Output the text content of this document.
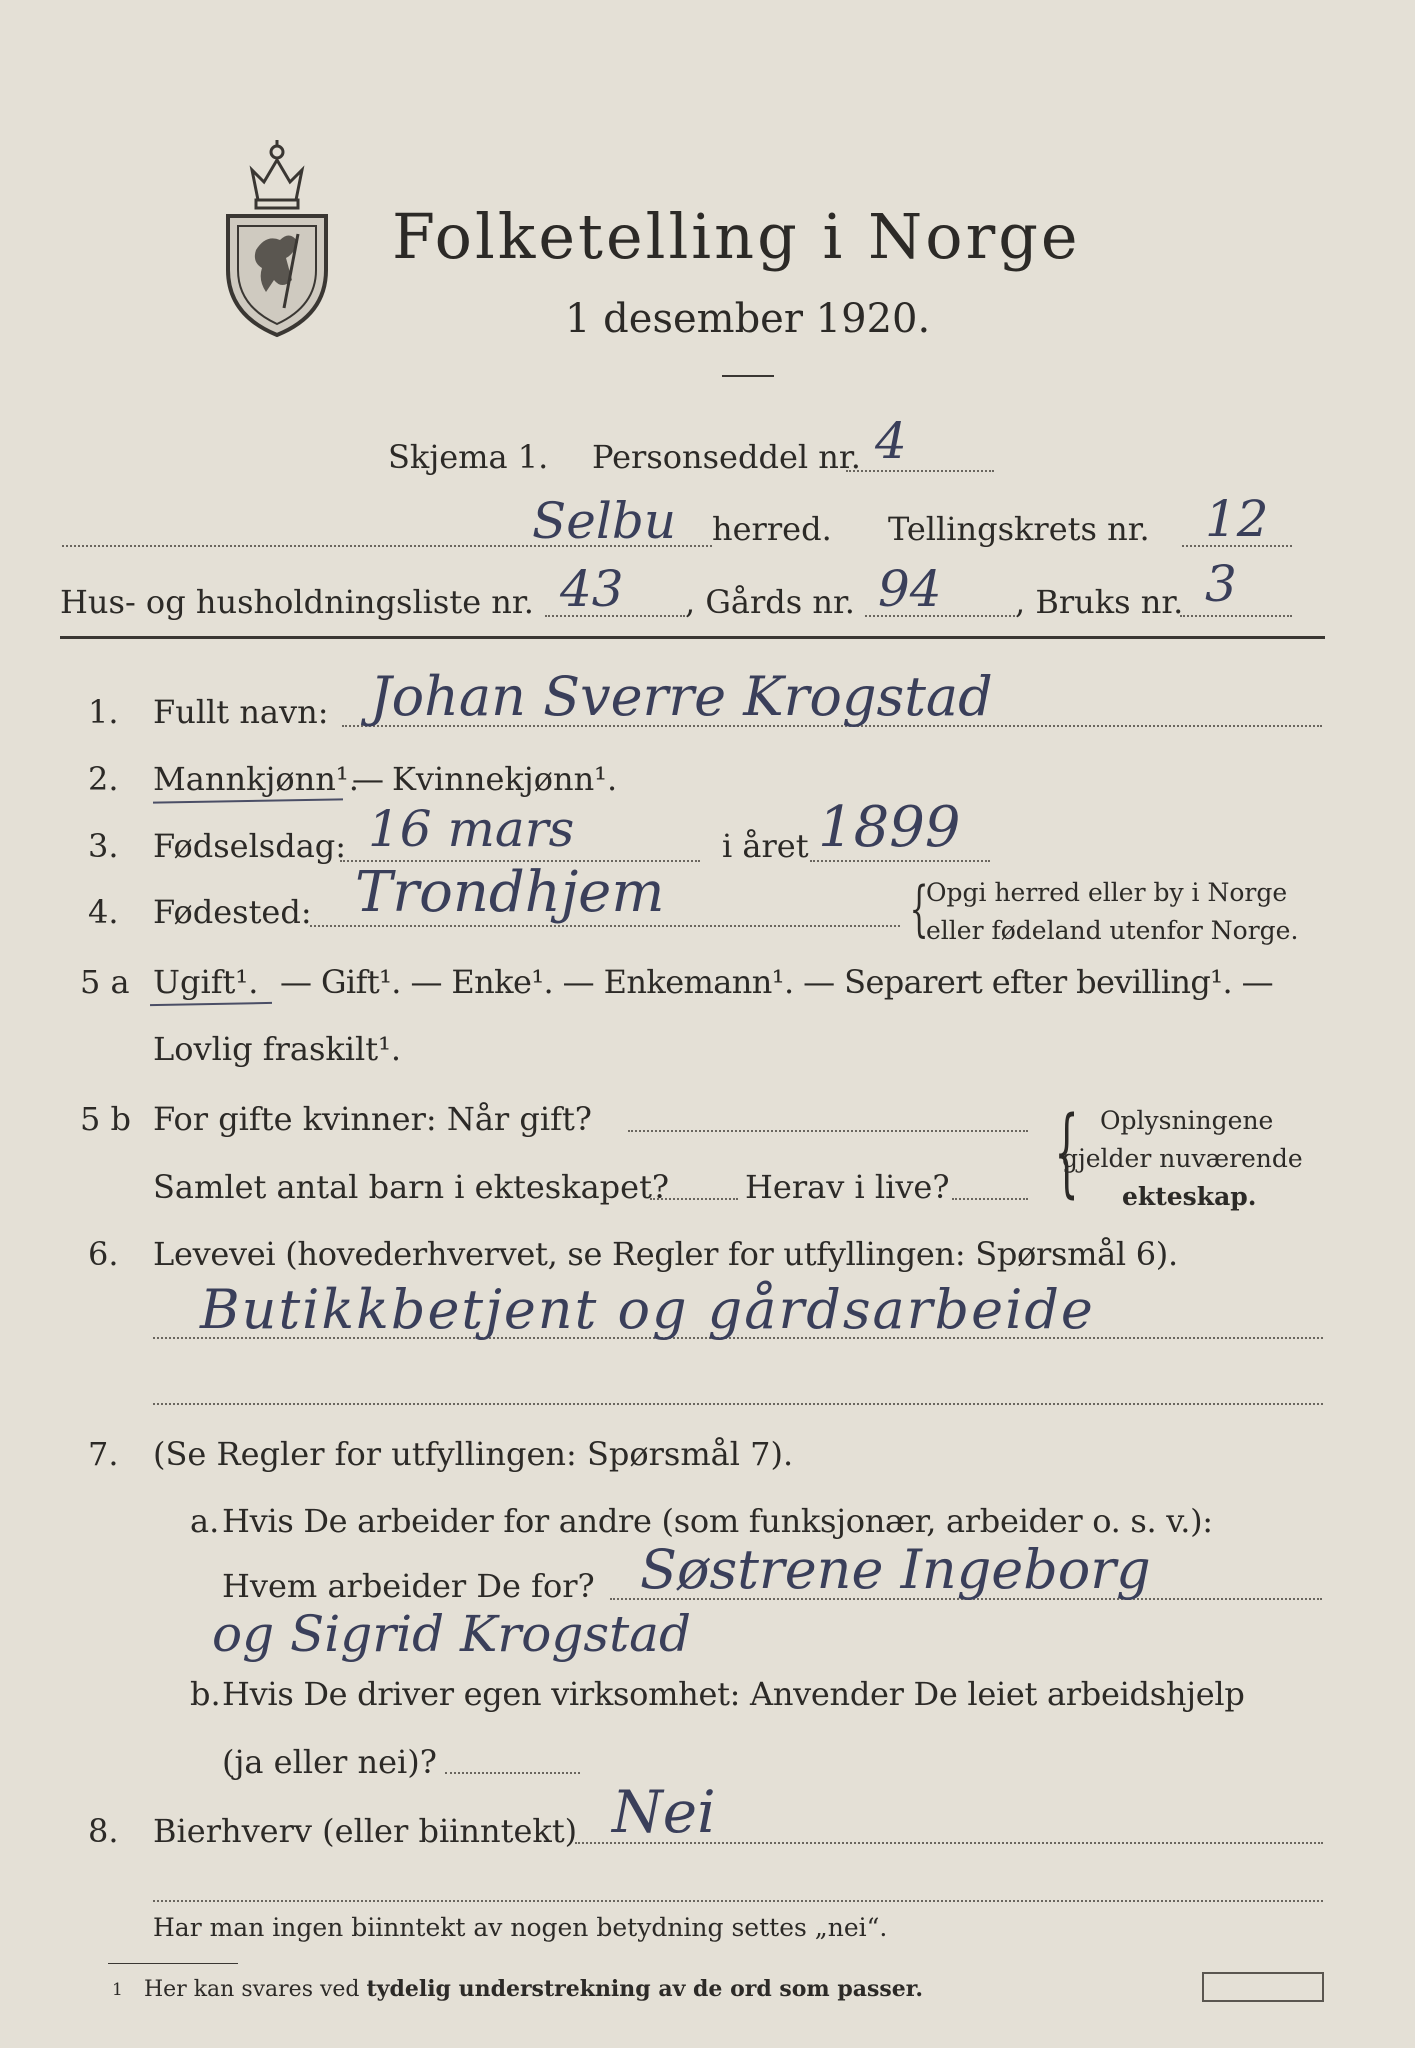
Folketelling i Norge
1 desember 1920.
Skjema 1. Personseddel nr. 4
Selbu herred. Tellingskrets nr. 12
Hus- og husholdningsliste nr. 43 , Gårds nr. 94 , Bruks nr. 3
1. Fullt navn: Johan Sverre Krogstad
2. Mannkjønn¹.
— Kvinnekjønn¹.
3. Fødselsdag: 16 mars	i året 1899
4. Fødested: Trondhjem	{
Opgi herred eller by i Norge
eller fødeland utenfor Norge.
5 a Ugift¹. — Gift¹. — Enke¹. — Enkemann¹. — Separert efter bevilling¹. —
Lovlig fraskilt¹.
5 b For gifte kvinner: Når gift?
Samlet antal barn i ekteskapet? Herav i live? { Oplysningene
gjelder nuværende
ekteskap.
6. Levevei (hovederhvervet, se Regler for utfyllingen: Spørsmål 6).
Butikkbetjent og gårdsarbeide
7. (Se Regler for utfyllingen: Spørsmål 7).
a. Hvis De arbeider for andre (som funksjonær, arbeider o. s. v.):
Hvem arbeider De for? Søstrene Ingeborg
og Sigrid Krogstad
b. Hvis De driver egen virksomhet: Anvender De leiet arbeidshjelp
(ja eller nei)?
8. Bierhverv (eller biinntekt) Nei
Har man ingen biinntekt av nogen betydning settes „nei“.
1 Her kan svares ved tydelig understrekning av de ord som passer.
